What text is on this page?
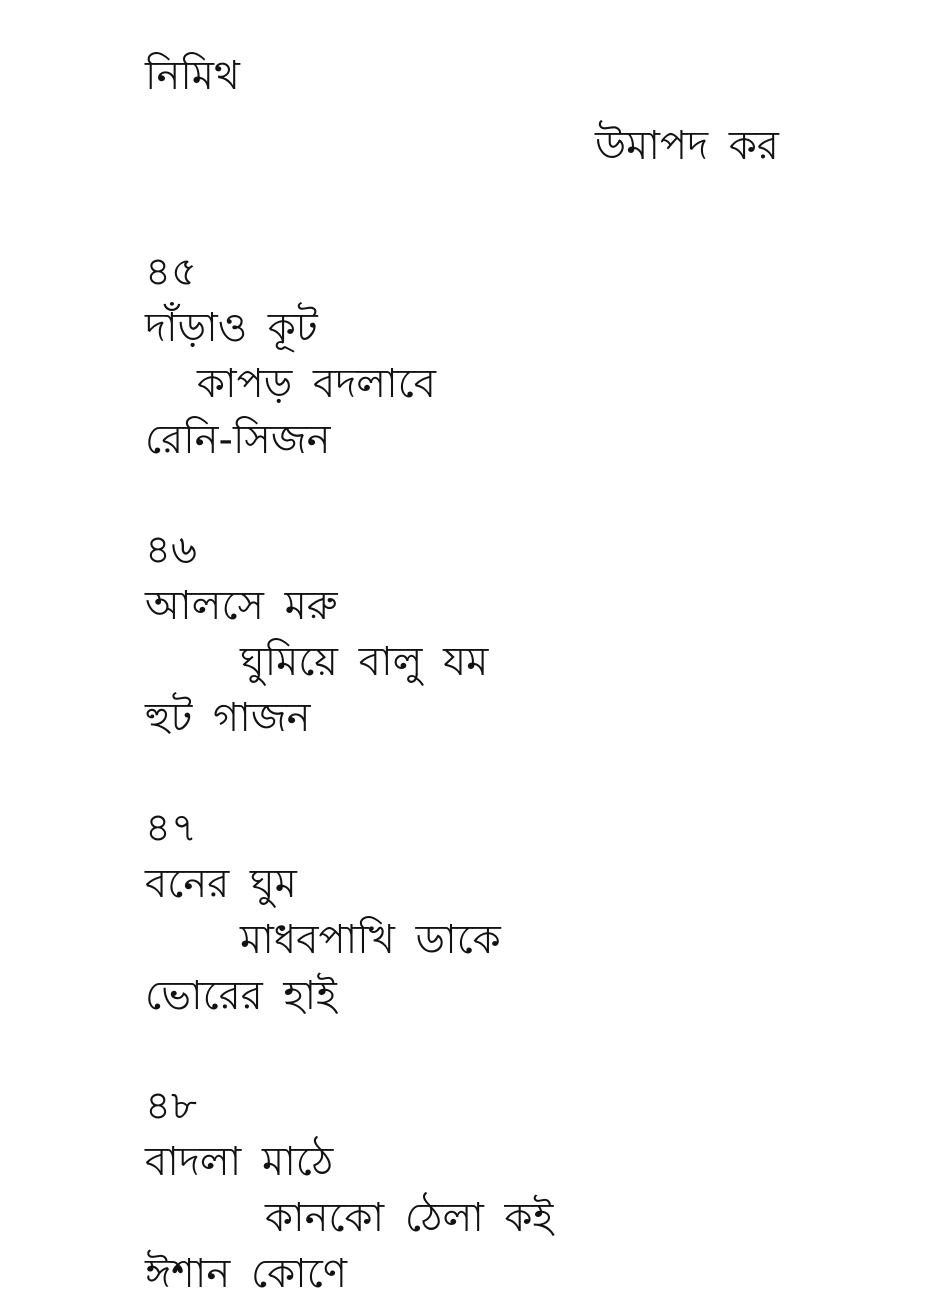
নিমিথ
উমাপদ কর
৪৫
দাঁড়াও কূট
কাপড় বদলাবে
রেনি-সিজন
৪৬
আলসে মরু
ঘুমিয়ে বালু যম
হুট গাজন
৪৭
বনের ঘুম
মাধবপাখি ডাকে
ভোরের হাই
৪৮
বাদলা মাঠে
কানকো ঠেলা কই
ঈশান কোণে
